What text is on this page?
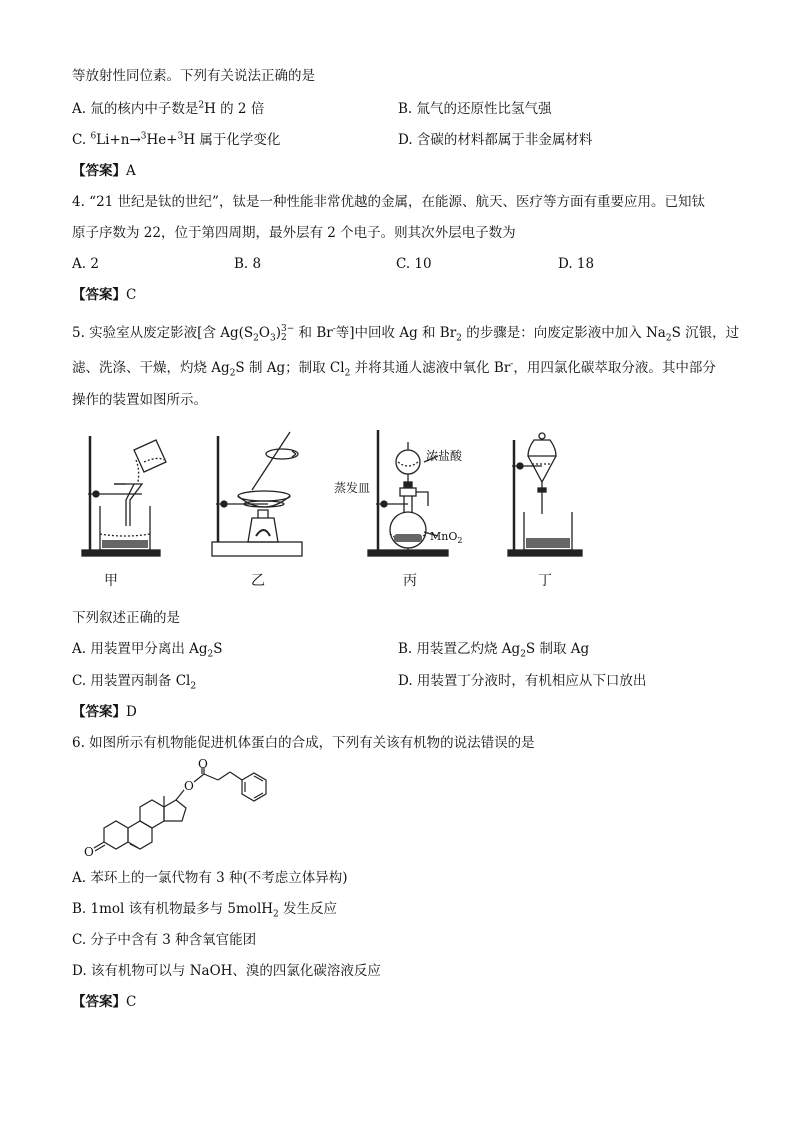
等放射性同位素。下列有关说法正确的是
A. 氚的核内中子数是$^2$H 的 2 倍	B. 氚气的还原性比氢气强
C. $^6$Li+n→$^3$He+$^3$H 属于化学变化	D. 含碳的材料都属于非金属材料
【答案】A
4. “21 世纪是钛的世纪”，钛是一种性能非常优越的金属，在能源、航天、医疗等方面有重要应用。已知钛
原子序数为 22，位于第四周期，最外层有 2 个电子。则其次外层电子数为
A. 2	B. 8	C. 10	D. 18
【答案】C
5. 实验室从废定影液[含 $Ag(S_2O_3)$ 3−
2 和 Br-等]中回收 Ag 和 $Br_2$ 的步骤是：向废定影液中加入 $Na_2S$ 沉银，过
滤、洗涤、干燥，灼烧 $Ag_2S$ 制 Ag；制取 $Cl_2$ 并将其通人滤液中氧化 Br-，用四氯化碳萃取分液。其中部分
操作的装置如图所示。
蒸发皿
浓盐酸
MnO$_2$
甲	乙	丙	丁
下列叙述正确的是
A. 用装置甲分离出 $Ag_2S$	B. 用装置乙灼烧 $Ag_2S$ 制取 Ag
C. 用装置丙制备 $Cl_2$	D. 用装置丁分液时，有机相应从下口放出
【答案】D
6. 如图所示有机物能促进机体蛋白的合成，下列有关该有机物的说法错误的是
O
O
O
A. 苯环上的一氯代物有 3 种(不考虑立体异构)
B. 1mol 该有机物最多与 5molH$_2$ 发生反应
C. 分子中含有 3 种含氧官能团
D. 该有机物可以与 NaOH、溴的四氯化碳溶液反应
【答案】C
